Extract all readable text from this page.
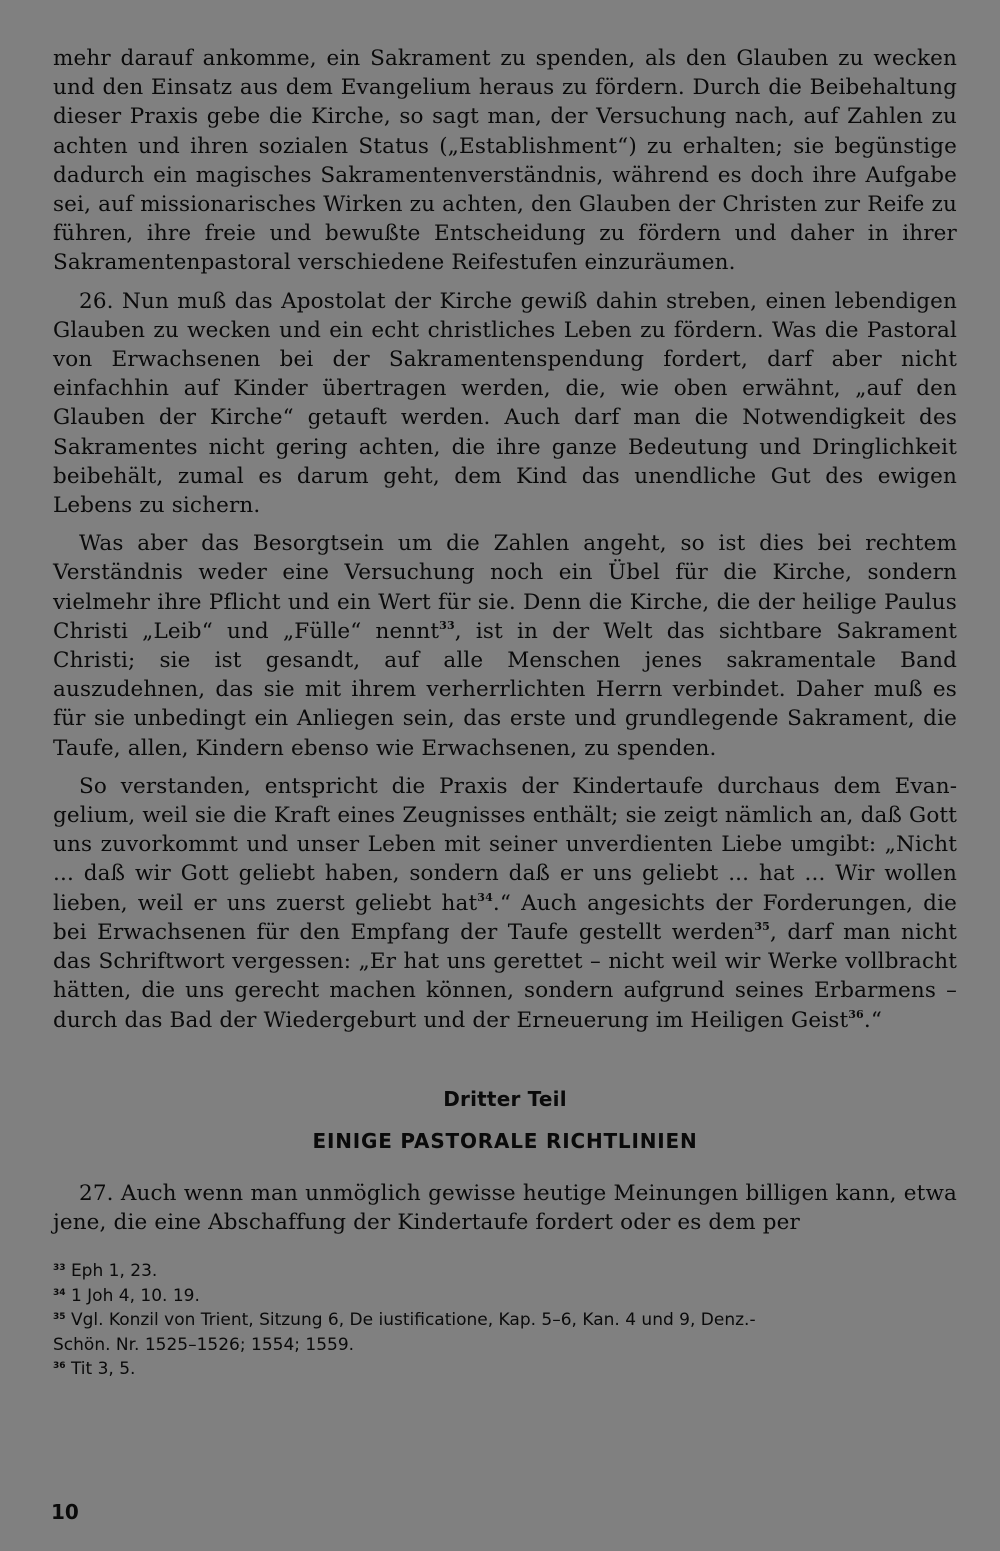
mehr darauf ankomme, ein Sakrament zu spenden, als den Glauben zu wecken und den Einsatz aus dem Evangelium heraus zu fördern. Durch die Beibehaltung dieser Praxis gebe die Kirche, so sagt man, der Versuchung nach, auf Zahlen zu achten und ihren sozialen Status („Establishment“) zu erhalten; sie begünstige dadurch ein magisches Sakramentenverständnis, während es doch ihre Aufgabe sei, auf missionarisches Wirken zu achten, den Glauben der Christen zur Reife zu führen, ihre freie und bewußte Entscheidung zu fördern und daher in ihrer Sakramentenpastoral verschiedene Reifestufen einzuräumen.

26. Nun muß das Apostolat der Kirche gewiß dahin streben, einen lebendigen Glauben zu wecken und ein echt christliches Leben zu fördern. Was die Pastoral von Erwachsenen bei der Sakramentenspendung fordert, darf aber nicht einfachhin auf Kinder übertragen werden, die, wie oben erwähnt, „auf den Glauben der Kirche“ getauft werden. Auch darf man die Notwendigkeit des Sakramentes nicht gering achten, die ihre ganze Bedeutung und Dringlichkeit beibehält, zumal es darum geht, dem Kind das unendliche Gut des ewigen Lebens zu sichern.

Was aber das Besorgtsein um die Zahlen angeht, so ist dies bei rechtem Verständnis weder eine Versuchung noch ein Übel für die Kirche, sondern vielmehr ihre Pflicht und ein Wert für sie. Denn die Kirche, die der heilige Paulus Christi „Leib“ und „Fülle“ nennt$^{33}$, ist in der Welt das sichtbare Sakrament Christi; sie ist gesandt, auf alle Menschen jenes sakramentale Band auszudehnen, das sie mit ihrem verherrlichten Herrn verbindet. Daher muß es für sie unbedingt ein Anliegen sein, das erste und grundlegende Sakrament, die Taufe, allen, Kindern ebenso wie Erwachsenen, zu spenden.

So verstanden, entspricht die Praxis der Kindertaufe durchaus dem Evangelium, weil sie die Kraft eines Zeugnisses enthält; sie zeigt nämlich an, daß Gott uns zuvorkommt und unser Leben mit seiner unverdienten Liebe umgibt: „Nicht ... daß wir Gott geliebt haben, sondern daß er uns geliebt ... hat ... Wir wollen lieben, weil er uns zuerst geliebt hat$^{34}$.“ Auch angesichts der Forderungen, die bei Erwachsenen für den Empfang der Taufe gestellt werden$^{35}$, darf man nicht das Schriftwort vergessen: „Er hat uns gerettet – nicht weil wir Werke vollbracht hätten, die uns gerecht machen können, sondern aufgrund seines Erbarmens – durch das Bad der Wiedergeburt und der Erneuerung im Heiligen Geist$^{36}$.“

Dritter Teil
EINIGE PASTORALE RICHTLINIEN

27. Auch wenn man unmöglich gewisse heutige Meinungen billigen kann, etwa jene, die eine Abschaffung der Kindertaufe fordert oder es dem per

$^{33}$ Eph 1, 23.

$^{34}$ 1 Joh 4, 10. 19.

$^{35}$ Vgl. Konzil von Trient, Sitzung 6, De iustificatione, Kap. 5–6, Kan. 4 und 9, Denz.-

Schön. Nr. 1525–1526; 1554; 1559.

$^{36}$ Tit 3, 5.

10
